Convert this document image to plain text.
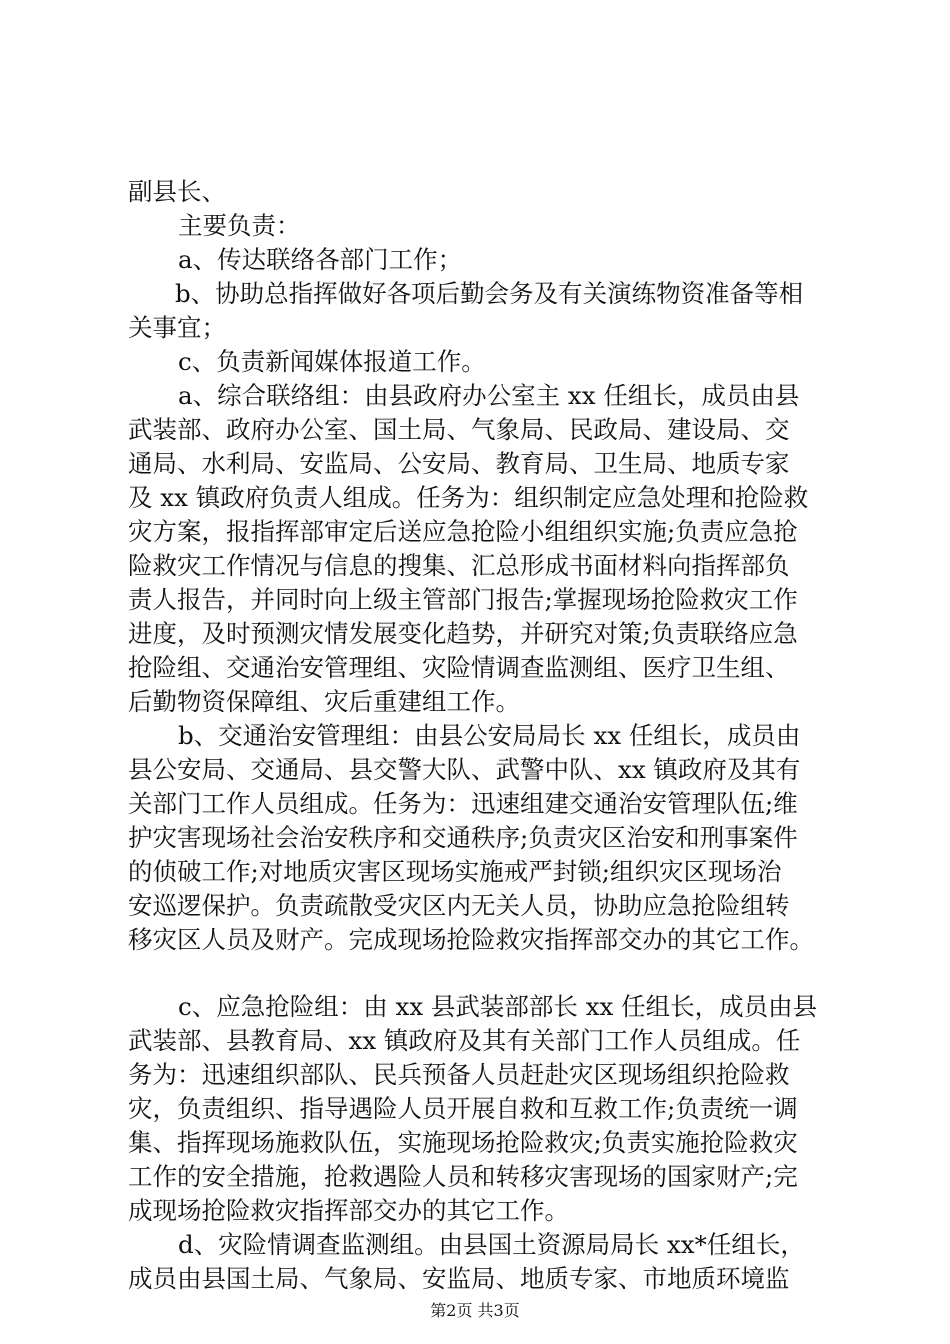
副县长、
主要负责：
a、传达联络各部门工作；
b、协助总指挥做好各项后勤会务及有关演练物资准备等相
关事宜；
c、负责新闻媒体报道工作。
a、综合联络组：由县政府办公室主 xx 任组长，成员由县
武装部、政府办公室、国土局、气象局、民政局、建设局、交
通局、水利局、安监局、公安局、教育局、卫生局、地质专家
及 xx 镇政府负责人组成。任务为：组织制定应急处理和抢险救
灾方案，报指挥部审定后送应急抢险小组组织实施;负责应急抢
险救灾工作情况与信息的搜集、汇总形成书面材料向指挥部负
责人报告，并同时向上级主管部门报告;掌握现场抢险救灾工作
进度，及时预测灾情发展变化趋势，并研究对策;负责联络应急
抢险组、交通治安管理组、灾险情调查监测组、医疗卫生组、
后勤物资保障组、灾后重建组工作。
b、交通治安管理组：由县公安局局长 xx 任组长，成员由
县公安局、交通局、县交警大队、武警中队、xx 镇政府及其有
关部门工作人员组成。任务为：迅速组建交通治安管理队伍;维
护灾害现场社会治安秩序和交通秩序;负责灾区治安和刑事案件
的侦破工作;对地质灾害区现场实施戒严封锁;组织灾区现场治
安巡逻保护。负责疏散受灾区内无关人员，协助应急抢险组转
移灾区人员及财产。完成现场抢险救灾指挥部交办的其它工作。
c、应急抢险组：由 xx 县武装部部长 xx 任组长，成员由县
武装部、县教育局、xx 镇政府及其有关部门工作人员组成。任
务为：迅速组织部队、民兵预备人员赶赴灾区现场组织抢险救
灾，负责组织、指导遇险人员开展自救和互救工作;负责统一调
集、指挥现场施救队伍，实施现场抢险救灾;负责实施抢险救灾
工作的安全措施，抢救遇险人员和转移灾害现场的国家财产;完
成现场抢险救灾指挥部交办的其它工作。
d、灾险情调查监测组。由县国土资源局局长 xx*任组长，
成员由县国土局、气象局、安监局、地质专家、市地质环境监
第2页 共3页
